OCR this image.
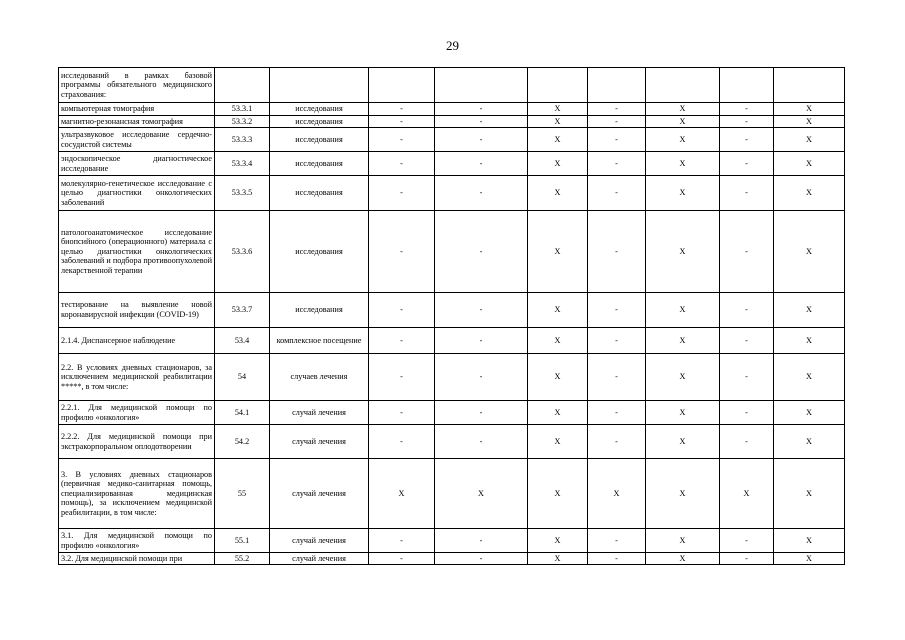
29
исследований в рамках базовой программы обязательного медицинского страхования:									
компьютерная томография	53.3.1	исследования	-	-	X	-	X	-	X
магнитно-резонансная томография	53.3.2	исследования	-	-	X	-	X	-	X
ультразвуковое исследование сердечно-сосудистой системы	53.3.3	исследования	-	-	X	-	X	-	X
эндоскопическое диагностическое исследование	53.3.4	исследования	-	-	X	-	X	-	X
молекулярно-генетическое исследование с целью диагностики онкологических заболеваний	53.3.5	исследования	-	-	X	-	X	-	X
патологоанатомическое исследование биопсийного (операционного) материала с целью диагностики онкологических заболеваний и подбора противоопухолевой лекарственной терапии	53.3.6	исследования	-	-	X	-	X	-	X
тестирование на выявление новой коронавирусной инфекции (COVID-19)	53.3.7	исследования	-	-	X	-	X	-	X
2.1.4. Диспансерное наблюдение	53.4	комплексное посещение	-	-	X	-	X	-	X
2.2. В условиях дневных стационаров, за исключением медицинской реабилитации *****, в том числе:	54	случаев лечения	-	-	X	-	X	-	X
2.2.1. Для медицинской помощи по профилю «онкология»	54.1	случай лечения	-	-	X	-	X	-	X
2.2.2. Для медицинской помощи при экстракорпоральном оплодотворении	54.2	случай лечения	-	-	X	-	X	-	X
3. В условиях дневных стационаров (первичная медико-санитарная помощь, специализированная медицинская помощь), за исключением медицинской реабилитации, в том числе:	55	случай лечения	X	X	X	X	X	X	X
3.1. Для медицинской помощи по профилю «онкология»	55.1	случай лечения	-	-	X	-	X	-	X
3.2. Для медицинской помощи при	55.2	случай лечения	-	-	X	-	X	-	X
